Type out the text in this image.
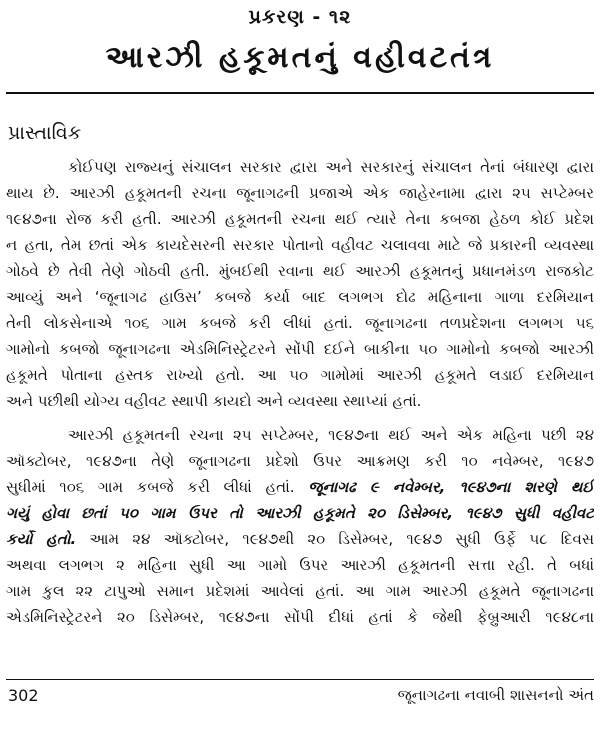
પ્રકરણ - ૧૨
આરઝી હકૂમતનું વહીવટતંત્ર
પ્રાસ્તાવિક
કોઈપણ રાજ્યનું સંચાલન સરકાર દ્વારા અને સરકારનું સંચાલન તેનાં બંધારણ દ્વારા
થાય છે. આરઝી હકૂમતની રચના જૂનાગઢની પ્રજાએ એક જાહેરનામા દ્વારા ૨૫ સપ્ટેમ્બર
૧૯૪૭ના રોજ કરી હતી. આરઝી હકૂમતની રચના થઈ ત્યારે તેના કબજા હેઠળ કોઈ પ્રદેશ
ન હતા, તેમ છતાં એક કાયદેસરની સરકાર પોતાનો વહીવટ ચલાવવા માટે જે પ્રકારની વ્યવસ્થા
ગોઠવે છે તેવી તેણે ગોઠવી હતી. મુંબઈથી રવાના થઈ આરઝી હકૂમતનું પ્રધાનમંડળ રાજકોટ
આવ્યું અને ‘જૂનાગઢ હાઉસ’ કબજે કર્યા બાદ લગભગ દોઢ મહિનાના ગાળા દરમિયાન
તેની લોકસેનાએ ૧૦૬ ગામ કબજે કરી લીધાં હતાં. જૂનાગઢના તળપ્રદેશના લગભગ ૫૬
ગામોનો કબજો જૂનાગઢના એડમિનિસ્ટ્રેટરને સોંપી દઈને બાકીના ૫૦ ગામોનો કબજો આરઝી
હકૂમતે પોતાના હસ્તક રાખ્યો હતો. આ ૫૦ ગામોમાં આરઝી હકૂમતે લડાઈ દરમિયાન
અને પછીથી યોગ્ય વહીવટ સ્થાપી કાયદો અને વ્યવસ્થા સ્થાપ્યાં હતાં.
આરઝી હકૂમતની રચના ૨૫ સપ્ટેમ્બર, ૧૯૪૭ના થઈ અને એક મહિના પછી ૨૪
ઑક્ટોબર, ૧૯૪૭ના તેણે જૂનાગઢના પ્રદેશો ઉપર આક્રમણ કરી ૧૦ નવેમ્બર, ૧૯૪૭
સુધીમાં ૧૦૬ ગામ કબજે કરી લીધાં હતાં. જૂનાગઢ ૯ નવેમ્બર, ૧૯૪૭ના શરણે થઈ
ગયું હોવા છતાં ૫૦ ગામ ઉપર તો આરઝી હકૂમતે ૨૦ ડિસેમ્બર, ૧૯૪૭ સુધી વહીવટ
કર્યો હતો. આમ ૨૪ ઑક્ટોબર, ૧૯૪૭થી ૨૦ ડિસેમ્બર, ૧૯૪૭ સુધી ઉર્ફે ૫૮ દિવસ
અથવા લગભગ ૨ મહિના સુધી આ ગામો ઉપર આરઝી હકૂમતની સત્તા રહી. તે બધાં
ગામ કુલ ૨૨ ટાપુઓ સમાન પ્રદેશમાં આવેલાં હતાં. આ ગામ આરઝી હકૂમતે જૂનાગઢના
એડમિનિસ્ટ્રેટરને ૨૦ ડિસેમ્બર, ૧૯૪૭ના સોંપી દીધાં હતાં કે જેથી ફેબ્રુઆરી ૧૯૪૮ના
302	જૂનાગઢના નવાબી શાસનનો અંત
